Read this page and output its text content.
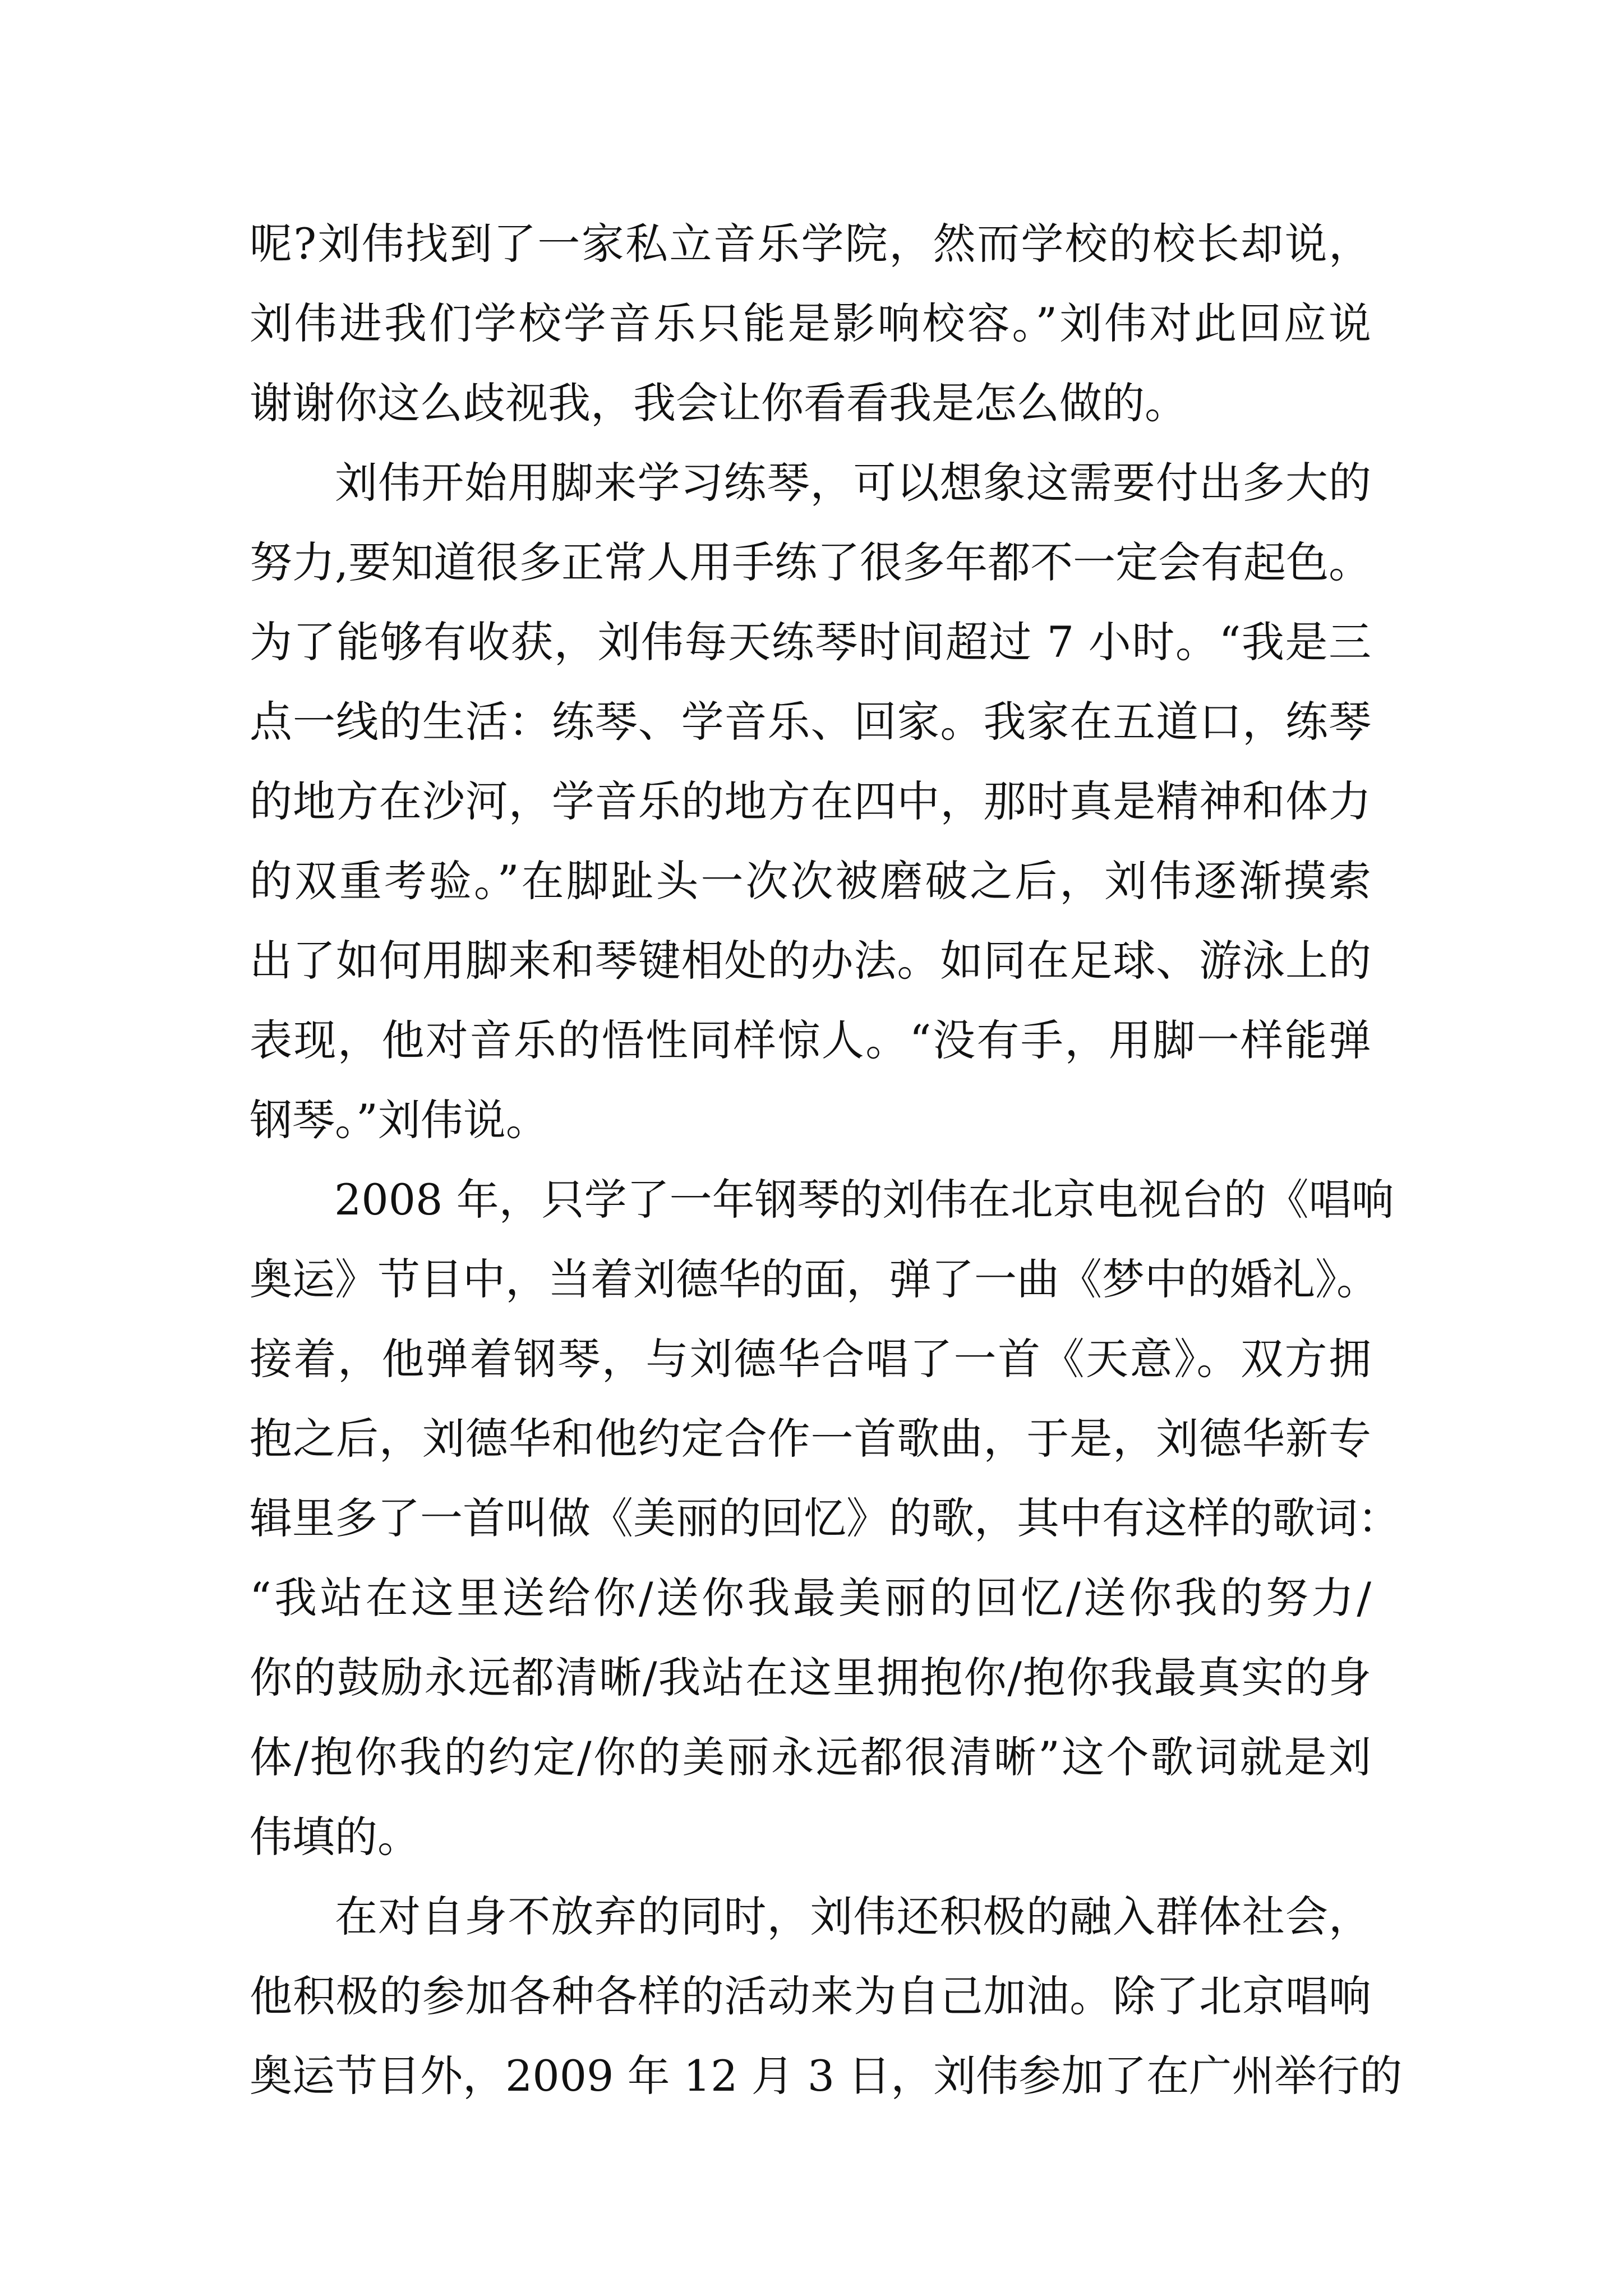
呢?刘伟找到了一家私立音乐学院，然而学校的校长却说，
刘伟进我们学校学音乐只能是影响校容。”刘伟对此回应说
谢谢你这么歧视我，我会让你看看我是怎么做的。
　刘伟开始用脚来学习练琴，可以想象这需要付出多大的
努力,要知道很多正常人用手练了很多年都不一定会有起色。
为了能够有收获，刘伟每天练琴时间超过 7 小时。“我是三
点一线的生活：练琴、学音乐、回家。我家在五道口，练琴
的地方在沙河，学音乐的地方在四中，那时真是精神和体力
的双重考验。”在脚趾头一次次被磨破之后，刘伟逐渐摸索
出了如何用脚来和琴键相处的办法。如同在足球、游泳上的
表现，他对音乐的悟性同样惊人。“没有手，用脚一样能弹
钢琴。”刘伟说。
　2008 年，只学了一年钢琴的刘伟在北京电视台的《唱响
奥运》节目中，当着刘德华的面，弹了一曲《梦中的婚礼》。
接着，他弹着钢琴，与刘德华合唱了一首《天意》。双方拥
抱之后，刘德华和他约定合作一首歌曲，于是，刘德华新专
辑里多了一首叫做《美丽的回忆》的歌，其中有这样的歌词：
“我站在这里送给你/送你我最美丽的回忆/送你我的努力/
你的鼓励永远都清晰/我站在这里拥抱你/抱你我最真实的身
体/抱你我的约定/你的美丽永远都很清晰”这个歌词就是刘
伟填的。
　在对自身不放弃的同时，刘伟还积极的融入群体社会，
他积极的参加各种各样的活动来为自己加油。除了北京唱响
奥运节目外，2009 年 12 月 3 日，刘伟参加了在广州举行的
